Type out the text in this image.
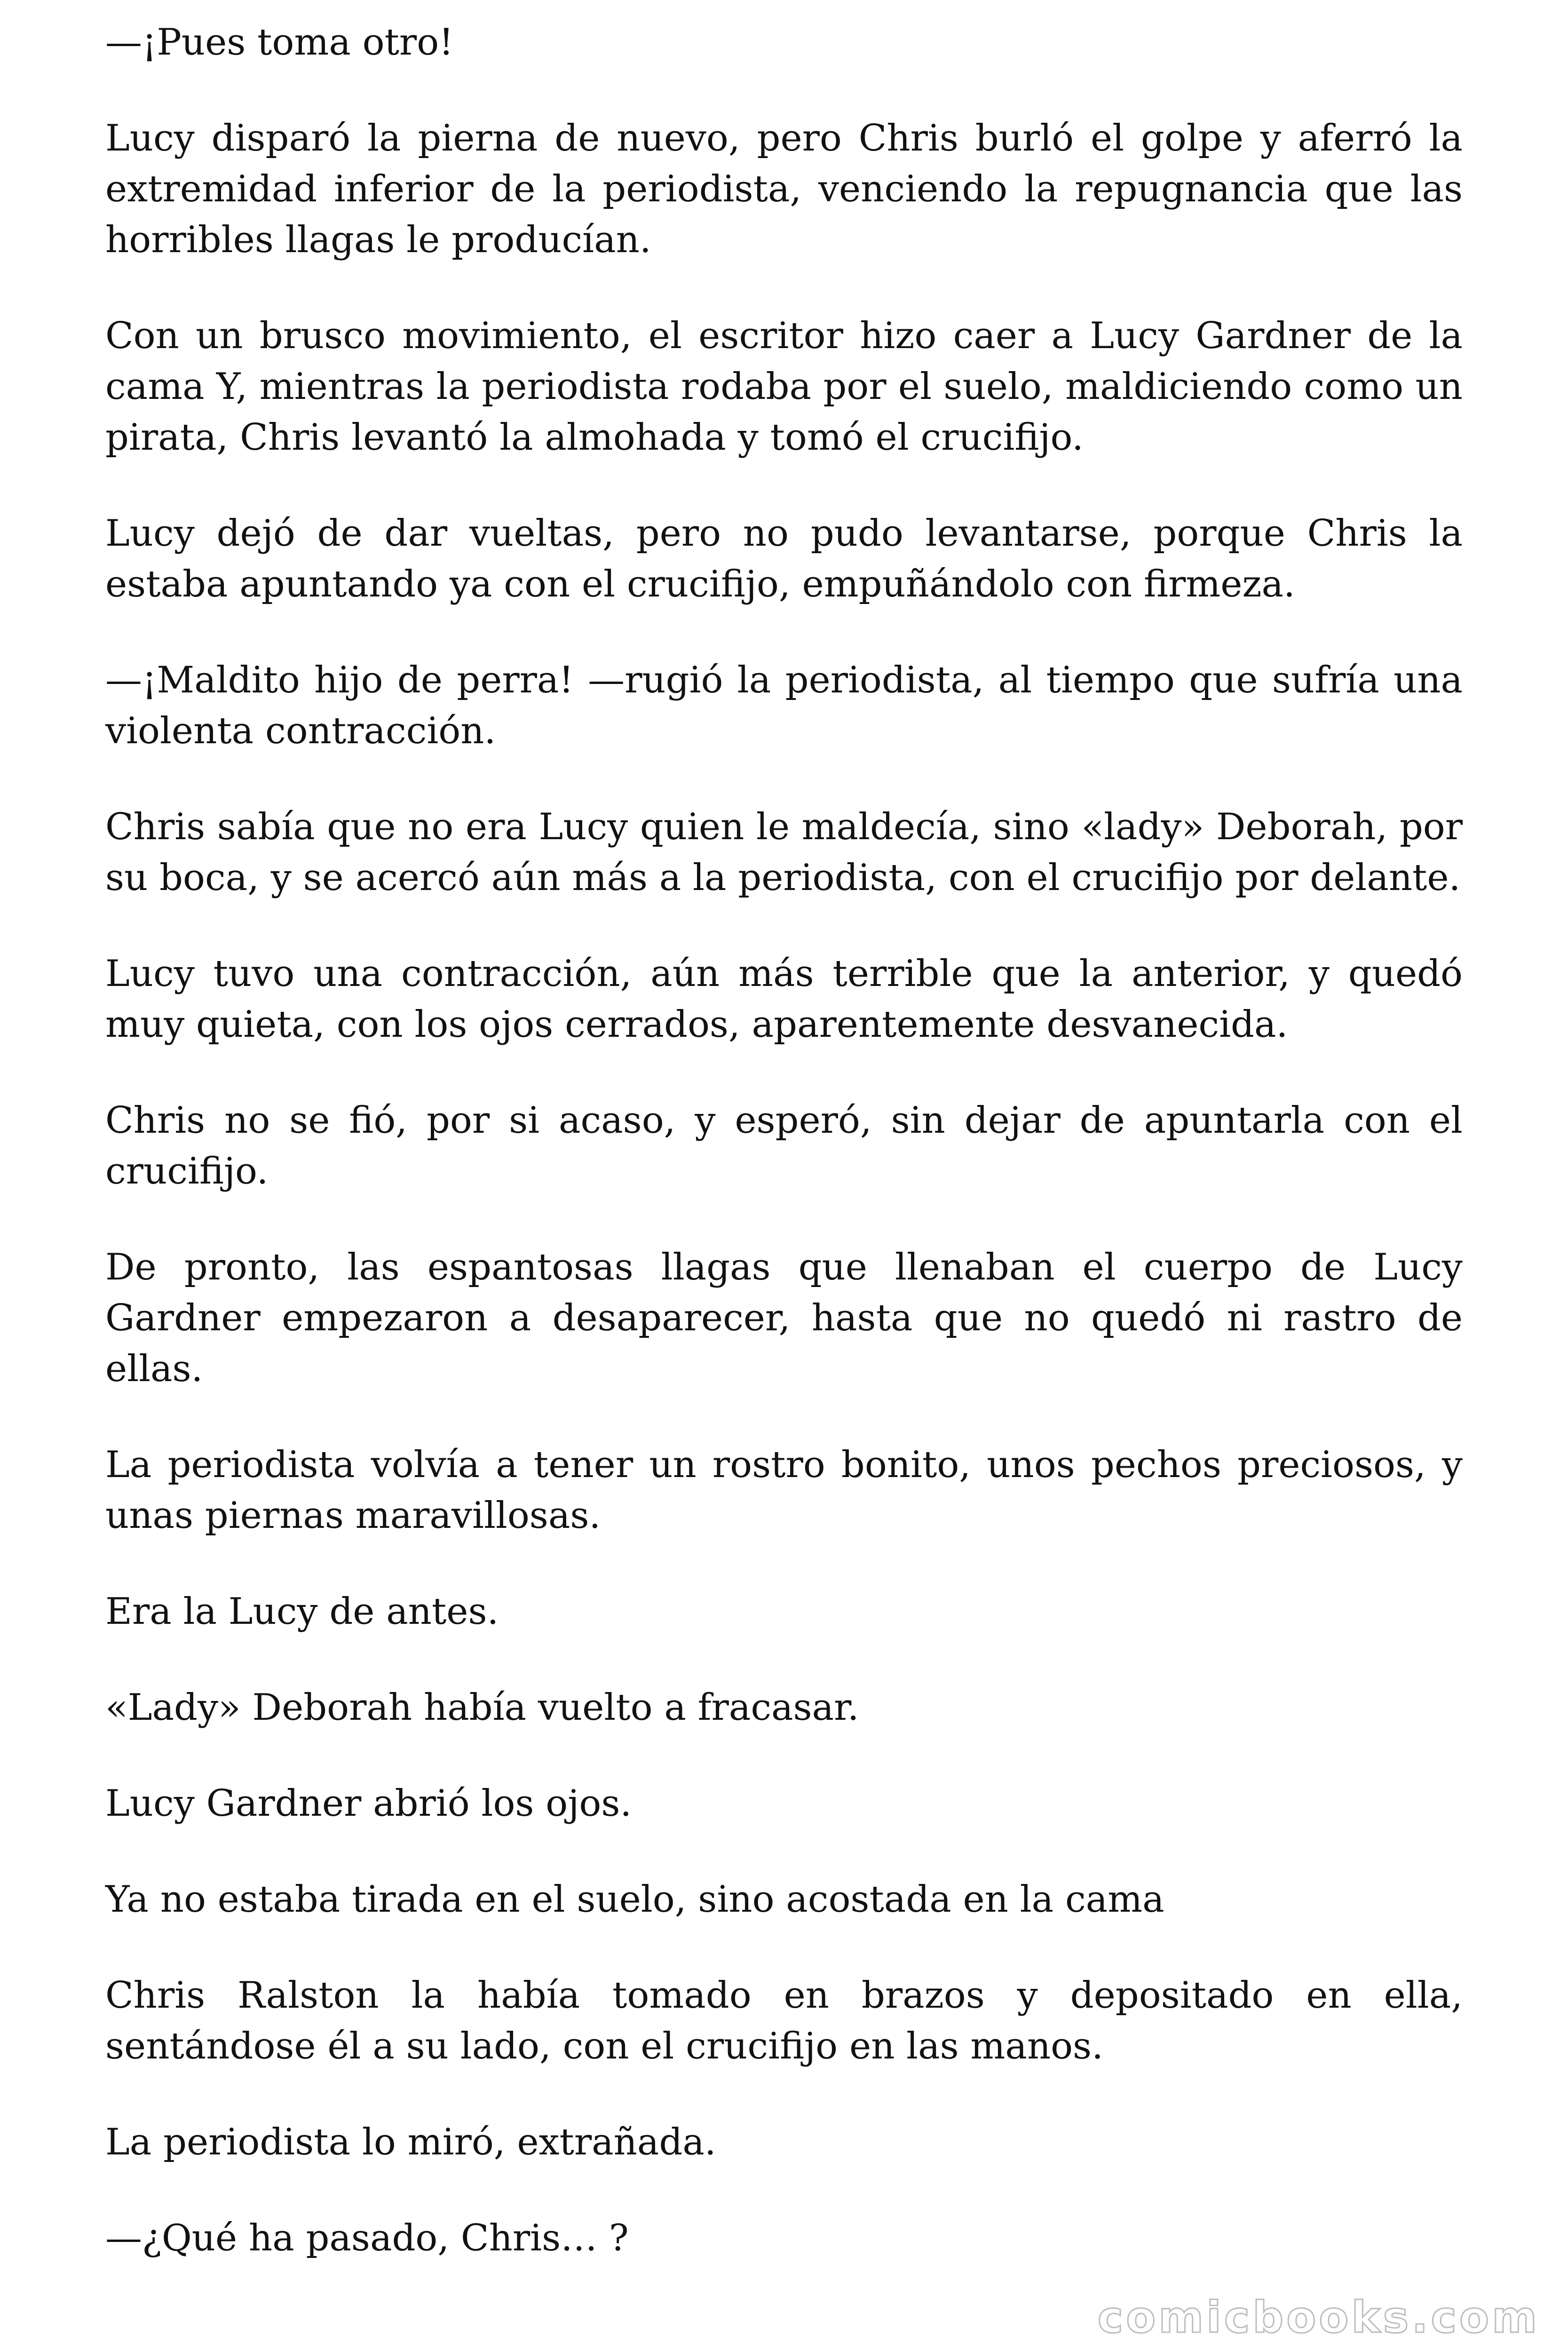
—¡Pues toma otro!

Lucy disparó la pierna de nuevo, pero Chris burló el golpe y aferró la extremidad inferior de la periodista, venciendo la repugnancia que las horribles llagas le producían.

Con un brusco movimiento, el escritor hizo caer a Lucy Gardner de la cama Y, mientras la periodista rodaba por el suelo, maldiciendo como un pirata, Chris levantó la almohada y tomó el crucifijo.

Lucy dejó de dar vueltas, pero no pudo levantarse, porque Chris la estaba apuntando ya con el crucifijo, empuñándolo con firmeza.

—¡Maldito hijo de perra! —rugió la periodista, al tiempo que sufría una violenta contracción.

Chris sabía que no era Lucy quien le maldecía, sino «lady» Deborah, por su boca, y se acercó aún más a la periodista, con el crucifijo por delante.

Lucy tuvo una contracción, aún más terrible que la anterior, y quedó muy quieta, con los ojos cerrados, aparentemente desvanecida.

Chris no se fió, por si acaso, y esperó, sin dejar de apuntarla con el crucifijo.

De pronto, las espantosas llagas que llenaban el cuerpo de Lucy Gardner empezaron a desaparecer, hasta que no quedó ni rastro de ellas.

La periodista volvía a tener un rostro bonito, unos pechos preciosos, y unas piernas maravillosas.

Era la Lucy de antes.

«Lady» Deborah había vuelto a fracasar.

Lucy Gardner abrió los ojos.

Ya no estaba tirada en el suelo, sino acostada en la cama

Chris Ralston la había tomado en brazos y depositado en ella, sentándose él a su lado, con el crucifijo en las manos.

La periodista lo miró, extrañada.

—¿Qué ha pasado, Chris… ?

comicbooks.com
